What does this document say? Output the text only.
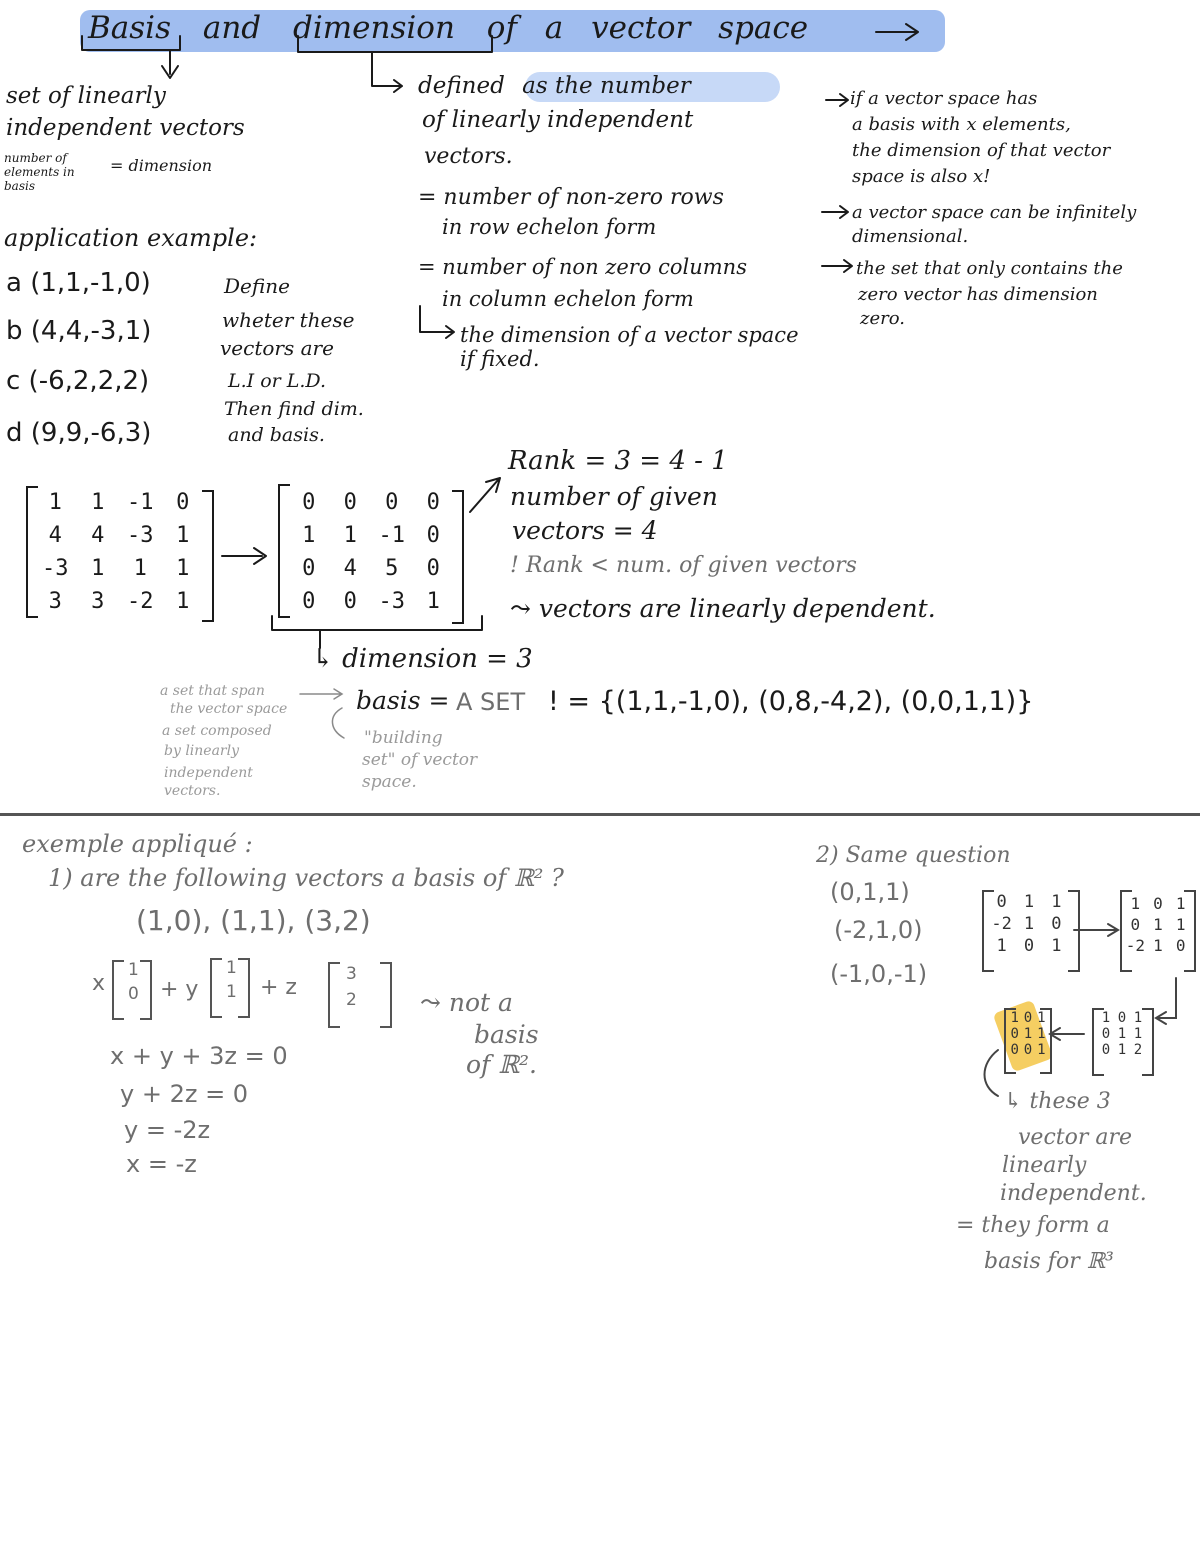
Basis and dimension of a vector space
set of linearly
independent vectors
number of
elements in
basis
= dimension
defined as the number
of linearly independent
vectors.
= number of non-zero rows
in row echelon form
= number of non zero columns
in column echelon form
the dimension of a vector space
if fixed.
if a vector space has
a basis with x elements,
the dimension of that vector
space is also x!
a vector space can be infinitely
dimensional.
the set that only contains the
zero vector has dimension
zero.
application example:
a (1,1,-1,0)
b (4,4,-3,1)
c (-6,2,2,2)
d (9,9,-6,3)
Define
wheter these
vectors are
L.I or L.D.
Then find dim.
and basis.
1	1	-1	0
4	4	-3	1
-3	1	1	1
3	3	-2	1
0	0	0	0
1	1 -1 0
0	4	5	0
0	0 -3 1
Rank = 3 = 4 - 1
number of given
vectors = 4
! Rank < num. of given vectors
⤳ vectors are linearly dependent.
↳ dimension = 3
a set that span
the vector space
a set composed
by linearly
independent
vectors.
basis = A SET ! = {(1,1,-1,0), (0,8,-4,2), (0,0,1,1)}
"building
set" of vector
space.
exemple appliqué :
1) are the following vectors a basis of ℝ² ?
(1,0), (1,1), (3,2)
x
1
0 + y
1
1 + z
3
2	⤳ not a
basis
of ℝ².
x + y + 3z = 0
y + 2z = 0
y = -2z
x = -z
2) Same question
(0,1,1)
(-2,1,0)
(-1,0,-1)
0	1	1
-2 1	0
1	0	1
1 0 1
0 1 1
-2 1 0
1 0 1
0 1 1
0 1 2
1 0 1
0 1 1
0 0 1
↳ these 3
vector are
linearly
independent.
= they form a
basis for ℝ³
